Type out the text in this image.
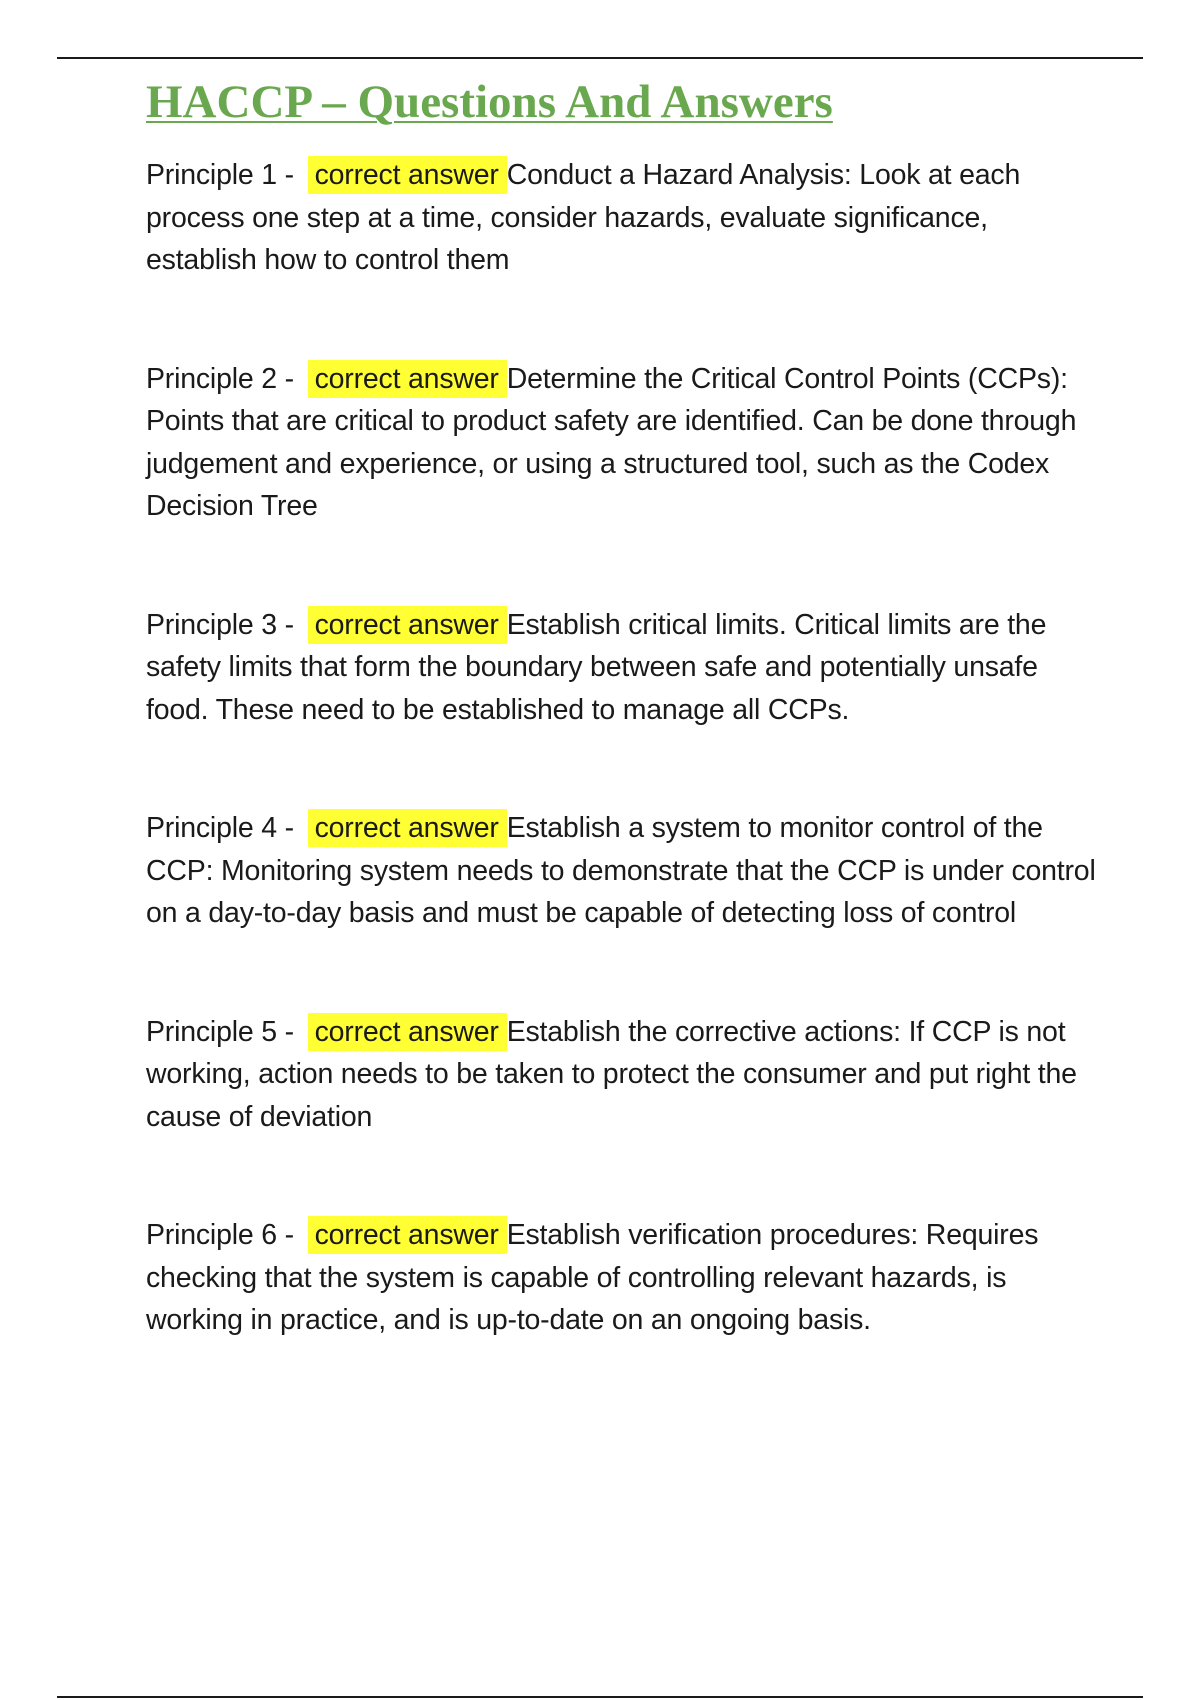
HACCP – Questions And Answers

Principle 1 - correct answer Conduct a Hazard Analysis: Look at each process one step at a time, consider hazards, evaluate significance, establish how to control them

Principle 2 - correct answer Determine the Critical Control Points (CCPs): Points that are critical to product safety are identified. Can be done through judgement and experience, or using a structured tool, such as the Codex Decision Tree

Principle 3 - correct answer Establish critical limits. Critical limits are the safety limits that form the boundary between safe and potentially unsafe food. These need to be established to manage all CCPs.

Principle 4 - correct answer Establish a system to monitor control of the CCP: Monitoring system needs to demonstrate that the CCP is under control on a day-to-day basis and must be capable of detecting loss of control

Principle 5 - correct answer Establish the corrective actions: If CCP is not working, action needs to be taken to protect the consumer and put right the cause of deviation

Principle 6 - correct answer Establish verification procedures: Requires checking that the system is capable of controlling relevant hazards, is working in practice, and is up-to-date on an ongoing basis.
